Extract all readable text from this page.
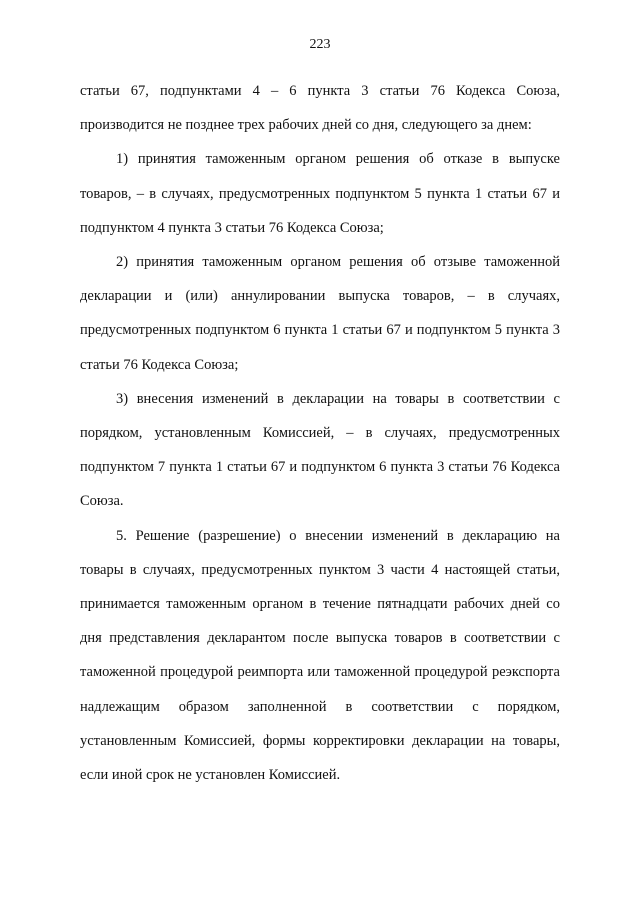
223

статьи 67, подпунктами 4 – 6 пункта 3 статьи 76 Кодекса Союза, производится не позднее трех рабочих дней со дня, следующего за днем:

1) принятия таможенным органом решения об отказе в выпуске товаров, – в случаях, предусмотренных подпунктом 5 пункта 1 статьи 67 и подпунктом 4 пункта 3 статьи 76 Кодекса Союза;

2) принятия таможенным органом решения об отзыве таможенной декларации и (или) аннулировании выпуска товаров, – в случаях, предусмотренных подпунктом 6 пункта 1 статьи 67 и подпунктом 5 пункта 3 статьи 76 Кодекса Союза;

3) внесения изменений в декларации на товары в соответствии с порядком, установленным Комиссией, – в случаях, предусмотренных подпунктом 7 пункта 1 статьи 67 и подпунктом 6 пункта 3 статьи 76 Кодекса Союза.

5. Решение (разрешение) о внесении изменений в декларацию на товары в случаях, предусмотренных пунктом 3 части 4 настоящей статьи, принимается таможенным органом в течение пятнадцати рабочих дней со дня представления декларантом после выпуска товаров в соответствии с таможенной процедурой реимпорта или таможенной процедурой реэкспорта надлежащим образом заполненной в соответствии с порядком, установленным Комиссией, формы корректировки декларации на товары, если иной срок не установлен Комиссией.
